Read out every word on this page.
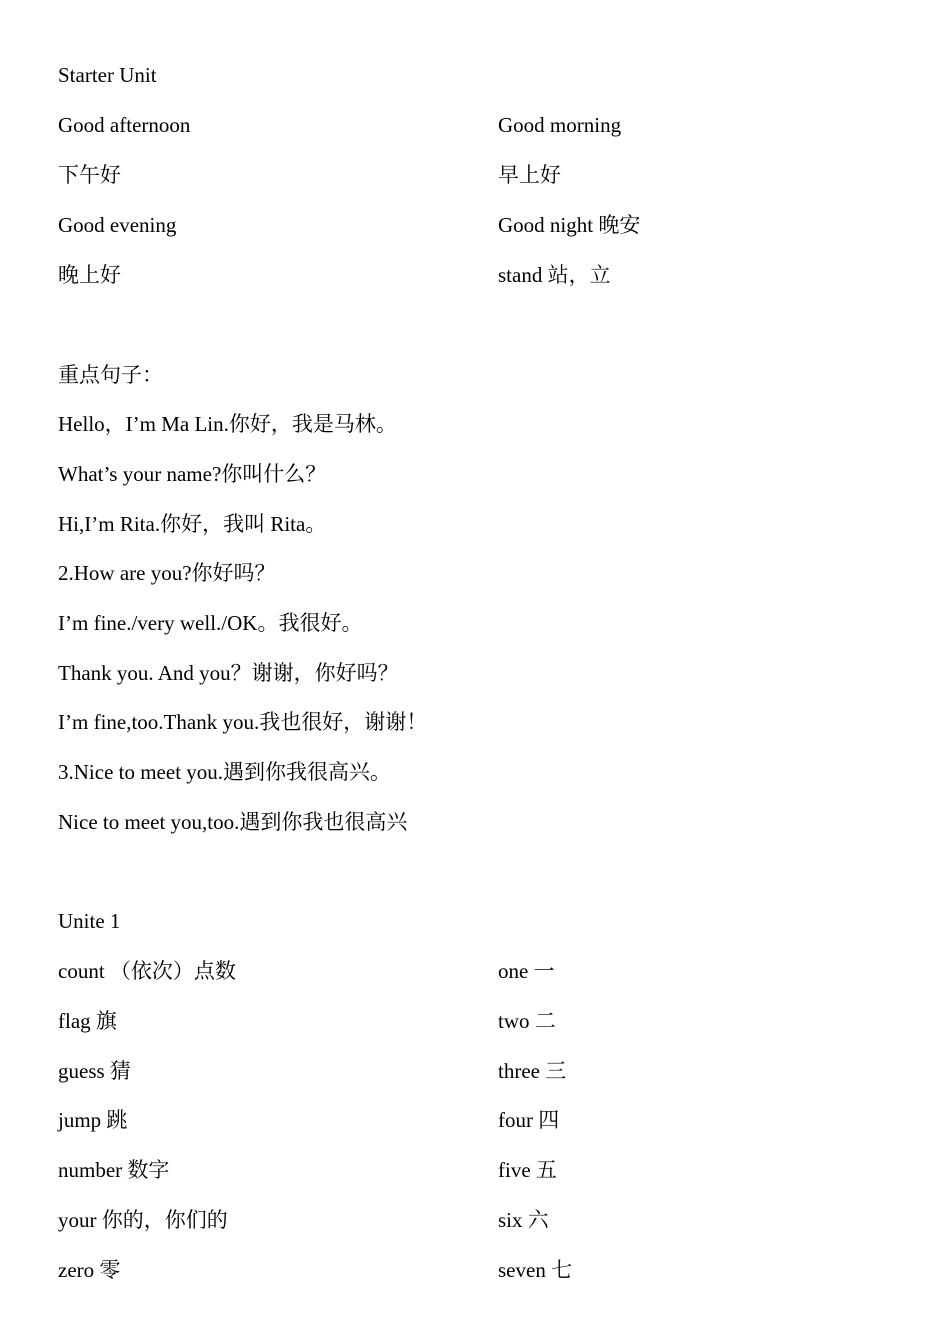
Starter Unit
Good afternoon	Good morning
下午好	早上好
Good evening	Good night 晚安
晚上好	stand 站，立
重点句子：
Hello，I’m Ma Lin.你好，我是马林。
What’s your name?你叫什么？
Hi,I’m Rita.你好，我叫 Rita。
2.How are you?你好吗？
I’m fine./very well./OK。我很好。
Thank you. And you？谢谢，你好吗？
I’m fine,too.Thank you.我也很好，谢谢！
3.Nice to meet you.遇到你我很高兴。
Nice to meet you,too.遇到你我也很高兴
Unite 1
count （依次）点数	one 一
flag 旗	two 二
guess 猜	three 三
jump 跳	four 四
number 数字	five 五
your 你的，你们的	six 六
zero 零	seven 七
